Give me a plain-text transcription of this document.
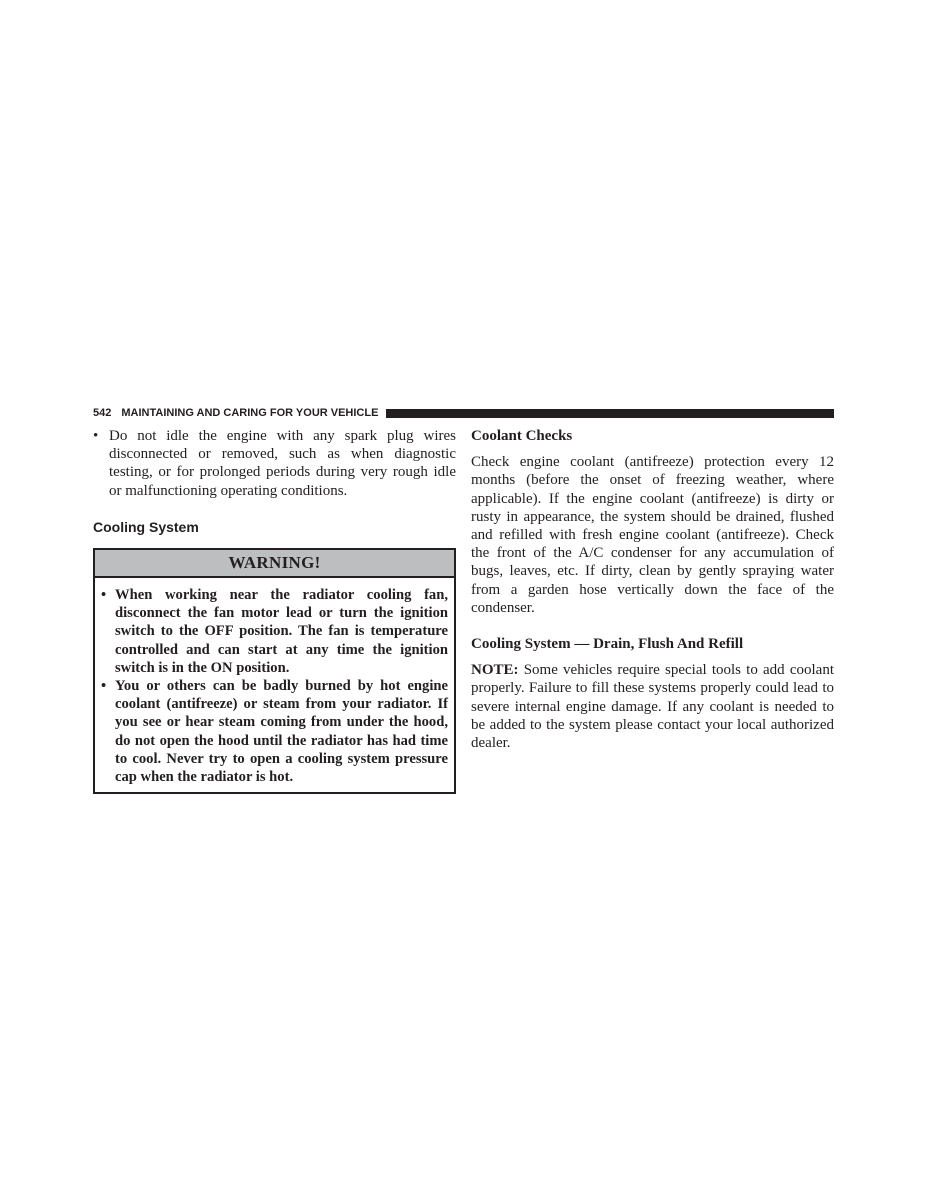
542 MAINTAINING AND CARING FOR YOUR VEHICLE
• Do not idle the engine with any spark plug wires disconnected or removed, such as when diagnostic testing, or for prolonged periods during very rough idle or malfunctioning operating conditions.
Cooling System
WARNING!
• When working near the radiator cooling fan, disconnect the fan motor lead or turn the ignition switch to the OFF position. The fan is temperature controlled and can start at any time the ignition switch is in the ON position.
• You or others can be badly burned by hot engine coolant (antifreeze) or steam from your radiator. If you see or hear steam coming from under the hood, do not open the hood until the radiator has had time to cool. Never try to open a cooling system pressure cap when the radiator is hot.
Coolant Checks

Check engine coolant (antifreeze) protection every 12 months (before the onset of freezing weather, where applicable). If the engine coolant (antifreeze) is dirty or rusty in appearance, the system should be drained, flushed and refilled with fresh engine coolant (antifreeze). Check the front of the A/C condenser for any accumulation of bugs, leaves, etc. If dirty, clean by gently spraying water from a garden hose vertically down the face of the condenser.

Cooling System — Drain, Flush And Refill

NOTE: Some vehicles require special tools to add coolant properly. Failure to fill these systems properly could lead to severe internal engine damage. If any coolant is needed to be added to the system please contact your local authorized dealer.
